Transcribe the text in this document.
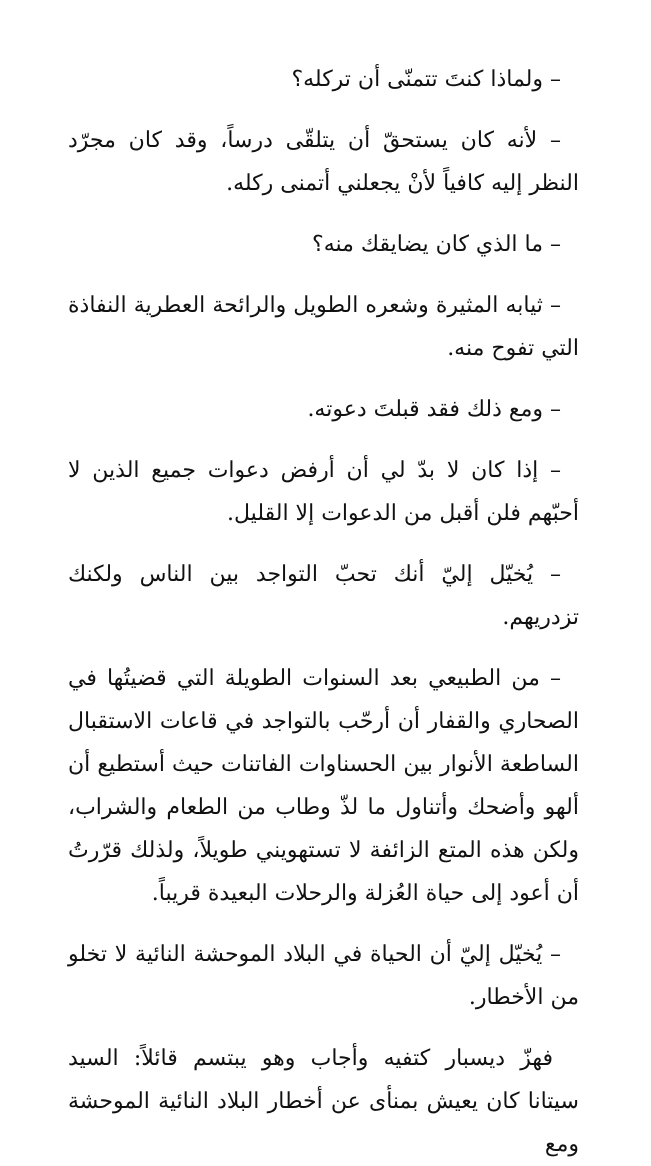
– ولماذا كنتَ تتمنّى أن تركله؟

– لأنه كان يستحقّ أن يتلقّى درساً، وقد كان مجرّد النظر إليه كافياً لأنْ يجعلني أتمنى ركله.

– ما الذي كان يضايقك منه؟

– ثيابه المثيرة وشعره الطويل والرائحة العطرية النفاذة التي تفوح منه.

– ومع ذلك فقد قبلتَ دعوته.

– إذا كان لا بدّ لي أن أرفض دعوات جميع الذين لا أحبّهم فلن أقبل من الدعوات إلا القليل.

– يُخيّل إليّ أنك تحبّ التواجد بين الناس ولكنك تزدريهم.

– من الطبيعي بعد السنوات الطويلة التي قضيتُها في الصحاري والقفار أن أرحّب بالتواجد في قاعات الاستقبال الساطعة الأنوار بين الحسناوات الفاتنات حيث أستطيع أن ألهو وأضحك وأتناول ما لذّ وطاب من الطعام والشراب، ولكن هذه المتع الزائفة لا تستهويني طويلاً، ولذلك قرّرتُ أن أعود إلى حياة العُزلة والرحلات البعيدة قريباً.

– يُخيّل إليّ أن الحياة في البلاد الموحشة النائية لا تخلو من الأخطار.

فهزّ ديسبار كتفيه وأجاب وهو يبتسم قائلاً: السيد سيتانا كان يعيش بمنأى عن أخطار البلاد النائية الموحشة ومع
